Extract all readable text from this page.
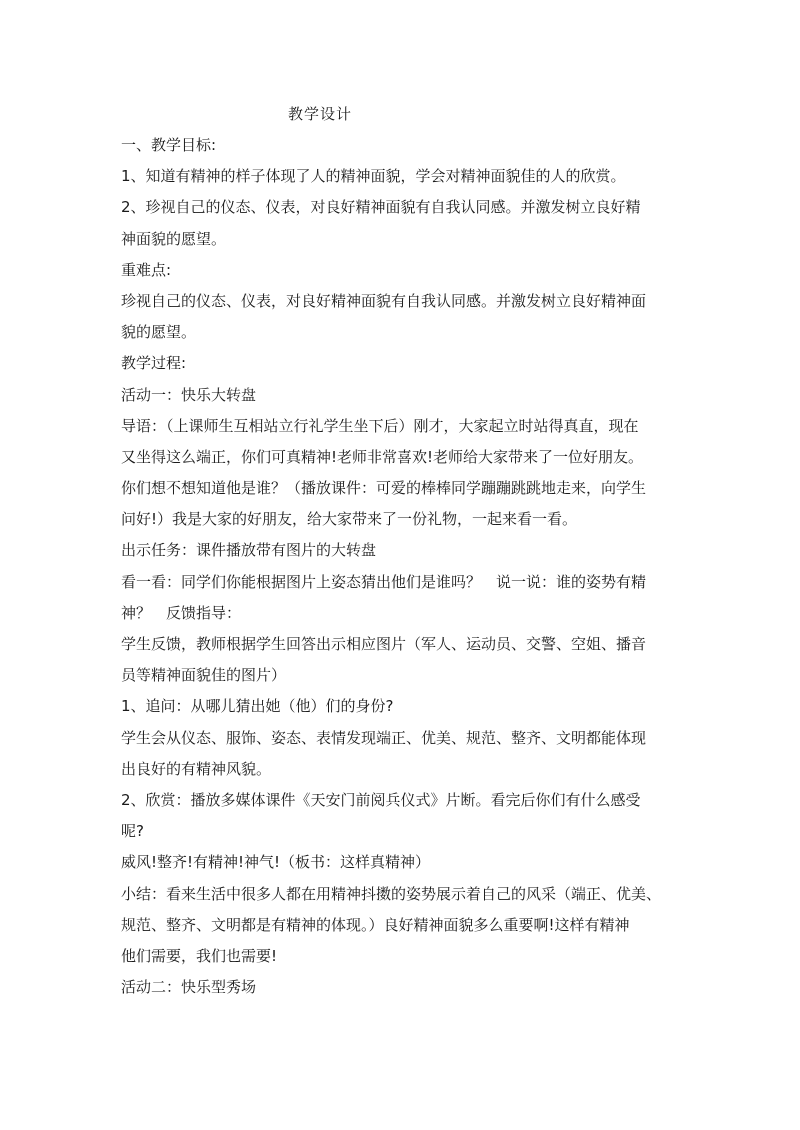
教学设计
一、教学目标:
1、知道有精神的样子体现了人的精神面貌，学会对精神面貌佳的人的欣赏。
2、珍视自己的仪态、仪表，对良好精神面貌有自我认同感。并激发树立良好精
神面貌的愿望。
重难点:
珍视自己的仪态、仪表，对良好精神面貌有自我认同感。并激发树立良好精神面
貌的愿望。
教学过程:
活动一：快乐大转盘
导语：（上课师生互相站立行礼学生坐下后）刚才，大家起立时站得真直，现在
又坐得这么端正，你们可真精神!老师非常喜欢!老师给大家带来了一位好朋友。
你们想不想知道他是谁？（播放课件：可爱的棒棒同学蹦蹦跳跳地走来，向学生
问好!）我是大家的好朋友，给大家带来了一份礼物，一起来看一看。
出示任务：课件播放带有图片的大转盘
看一看：同学们你能根据图片上姿态猜出他们是谁吗？　说一说：谁的姿势有精
神？　反馈指导：
学生反馈，教师根据学生回答出示相应图片（军人、运动员、交警、空姐、播音
员等精神面貌佳的图片）
1、追问：从哪儿猜出她（他）们的身份?
学生会从仪态、服饰、姿态、表情发现端正、优美、规范、整齐、文明都能体现
出良好的有精神风貌。
2、欣赏：播放多媒体课件《天安门前阅兵仪式》片断。看完后你们有什么感受
呢?
威风!整齐!有精神!神气!（板书：这样真精神）
小结：看来生活中很多人都在用精神抖擞的姿势展示着自己的风采（端正、优美、
规范、整齐、文明都是有精神的体现。）良好精神面貌多么重要啊!这样有精神
他们需要，我们也需要!
活动二：快乐型秀场
